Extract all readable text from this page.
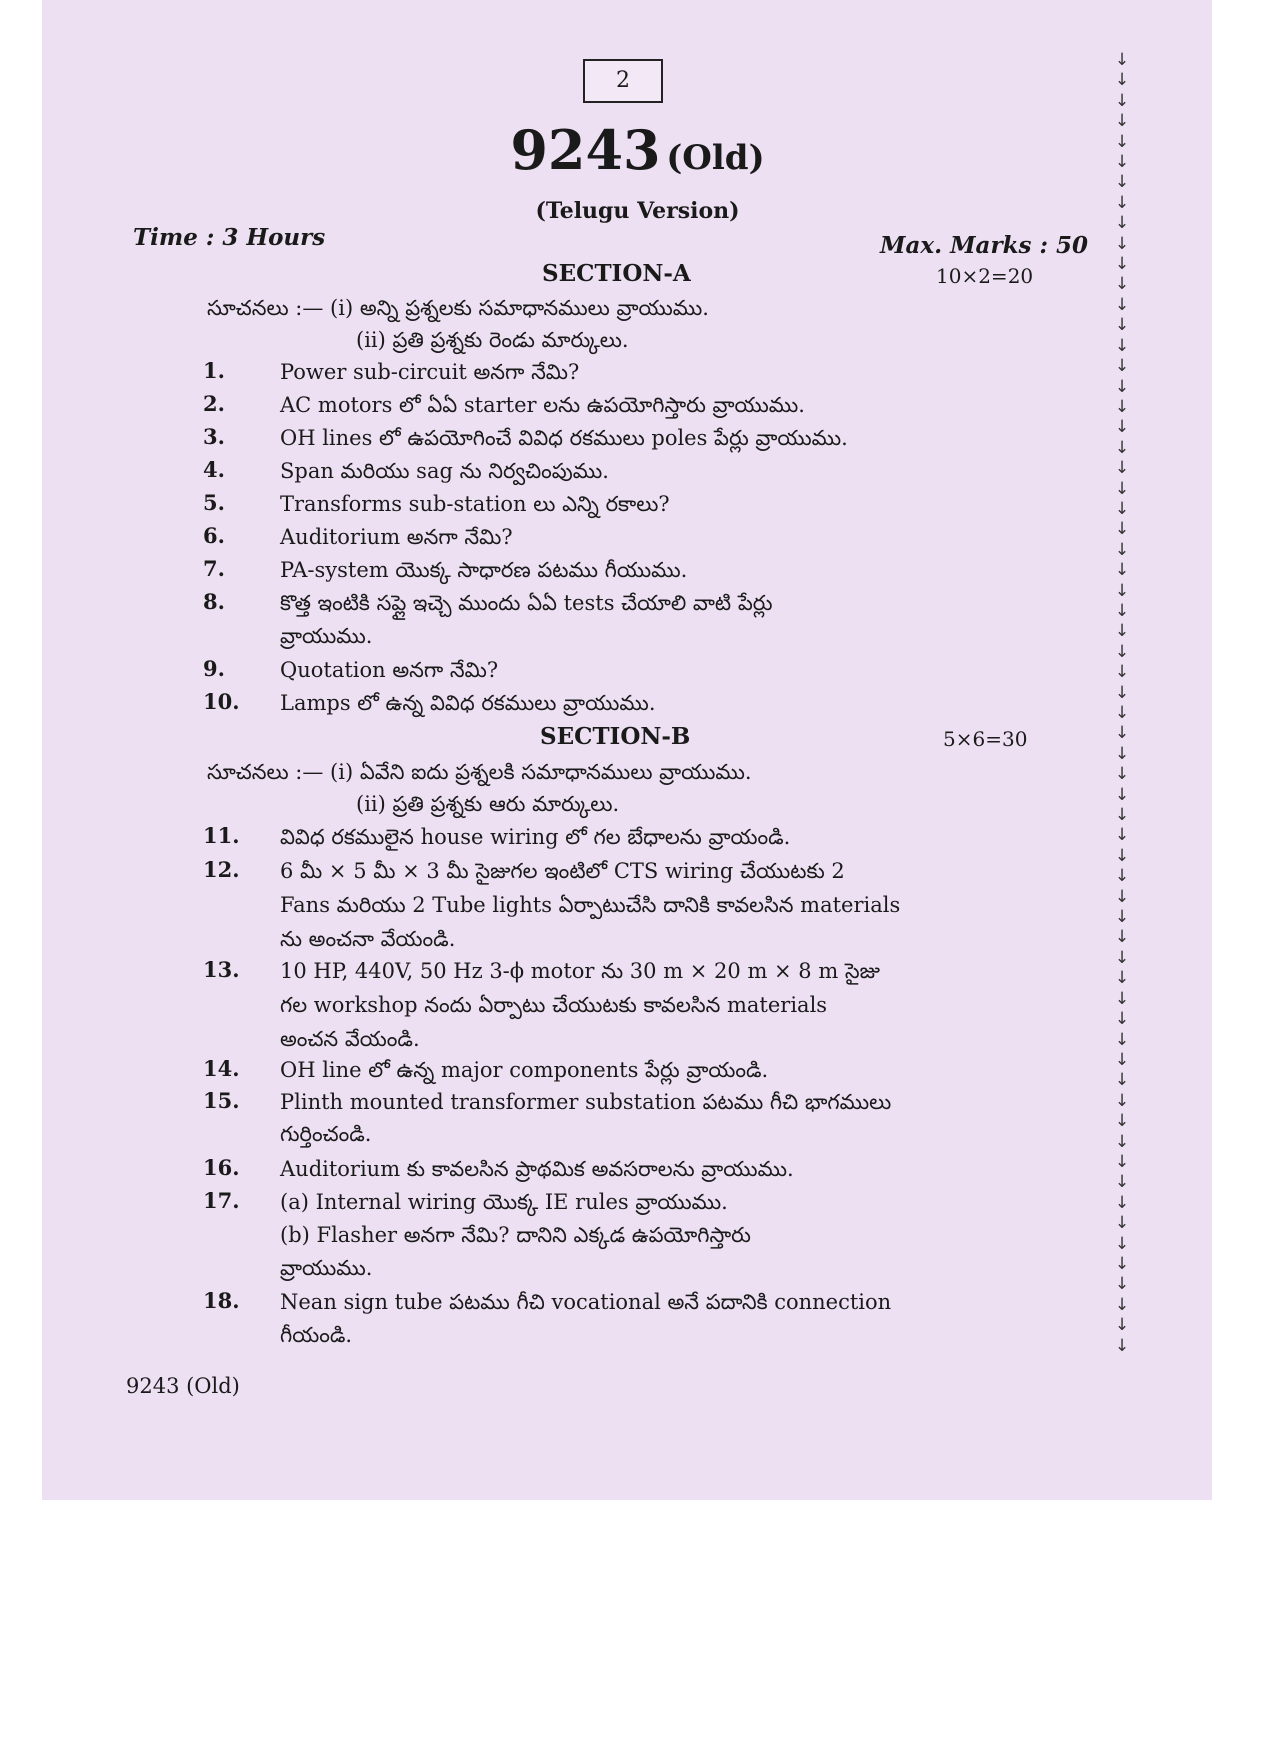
2
9243 (Old)
(Telugu Version)
Time : 3 Hours	Max. Marks : 50
SECTION-A	10×2=20
సూచనలు :— (i) అన్ని ప్రశ్నలకు సమాధానములు వ్రాయుము.
(ii) ప్రతి ప్రశ్నకు రెండు మార్కులు.
1.	Power sub-circuit అనగా నేమి?
2.	AC motors లో ఏఏ starter లను ఉపయోగిస్తారు వ్రాయుము.
3.	OH lines లో ఉపయోగించే వివిధ రకములు poles పేర్లు వ్రాయుము.
4.	Span మరియు sag ను నిర్వచింపుము.
5.	Transforms sub-station లు ఎన్ని రకాలు?
6.	Auditorium అనగా నేమి?
7.	PA-system యొక్క సాధారణ పటము గీయుము.
8.	కొత్త ఇంటికి సప్లై ఇచ్చె ముందు ఏఏ tests చేయాలి వాటి పేర్లు
వ్రాయుము.
9.	Quotation అనగా నేమి?
10. Lamps లో ఉన్న వివిధ రకములు వ్రాయుము.
SECTION-B	5×6=30
సూచనలు :— (i) ఏవేని ఐదు ప్రశ్నలకి సమాధానములు వ్రాయుము.
(ii) ప్రతి ప్రశ్నకు ఆరు మార్కులు.
11. వివిధ రకములైన house wiring లో గల బేధాలను వ్రాయండి.
12. 6 మీ × 5 మీ × 3 మీ సైజుగల ఇంటిలో CTS wiring చేయుటకు 2
Fans మరియు 2 Tube lights ఏర్పాటుచేసి దానికి కావలసిన materials
ను అంచనా వేయండి.
13. 10 HP, 440V, 50 Hz 3-ϕ motor ను 30 m × 20 m × 8 m సైజు
గల workshop నందు ఏర్పాటు చేయుటకు కావలసిన materials
అంచన వేయండి.
14. OH line లో ఉన్న major components పేర్లు వ్రాయండి.
15. Plinth mounted transformer substation పటము గీచి భాగములు
గుర్తించండి.
16. Auditorium కు కావలసిన ప్రాథమిక అవసరాలను వ్రాయుము.
17. (a) Internal wiring యొక్క IE rules వ్రాయుము.
(b) Flasher అనగా నేమి? దానిని ఎక్కడ ఉపయోగిస్తారు
వ్రాయుము.
18. Nean sign tube పటము గీచి vocational అనే పదానికి connection
గీయండి.
9243 (Old)
↓
↓
↓
↓
↓
↓
↓
↓
↓
↓
↓
↓
↓
↓
↓
↓
↓
↓
↓
↓
↓
↓
↓
↓
↓
↓
↓
↓
↓
↓
↓
↓
↓
↓
↓
↓
↓
↓
↓
↓
↓
↓
↓
↓
↓
↓
↓
↓
↓
↓
↓
↓
↓
↓
↓
↓
↓
↓
↓
↓
↓
↓
↓
↓
